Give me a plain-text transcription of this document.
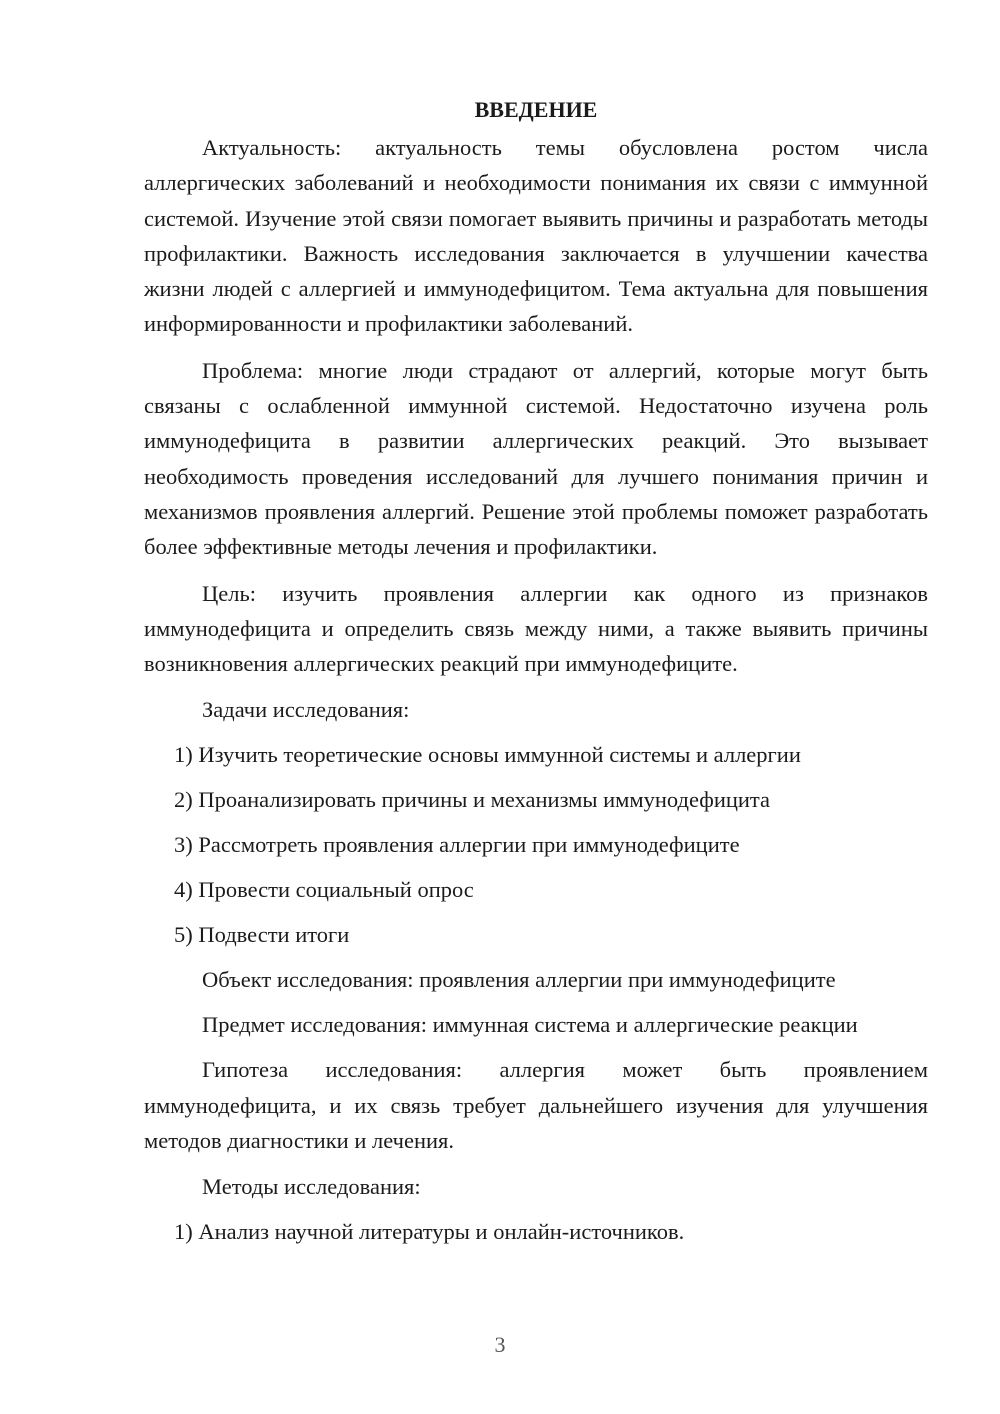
ВВЕДЕНИЕ

Актуальность: актуальность темы обусловлена ростом числа аллергических заболеваний и необходимости понимания их связи с иммунной системой. Изучение этой связи помогает выявить причины и разработать методы профилактики. Важность исследования заключается в улучшении качества жизни людей с аллергией и иммунодефицитом. Тема актуальна для повышения информированности и профилактики заболеваний.

Проблема: многие люди страдают от аллергий, которые могут быть связаны с ослабленной иммунной системой. Недостаточно изучена роль иммунодефицита в развитии аллергических реакций. Это вызывает необходимость проведения исследований для лучшего понимания причин и механизмов проявления аллергий. Решение этой проблемы поможет разработать более эффективные методы лечения и профилактики.

Цель: изучить проявления аллергии как одного из признаков иммунодефицита и определить связь между ними, а также выявить причины возникновения аллергических реакций при иммунодефиците.

Задачи исследования:
1) Изучить теоретические основы иммунной системы и аллергии
2) Проанализировать причины и механизмы иммунодефицита
3) Рассмотреть проявления аллергии при иммунодефиците
4) Провести социальный опрос
5) Подвести итоги
Объект исследования: проявления аллергии при иммунодефиците
Предмет исследования: иммунная система и аллергические реакции

Гипотеза исследования: аллергия может быть проявлением иммунодефицита, и их связь требует дальнейшего изучения для улучшения методов диагностики и лечения.

Методы исследования:
1) Анализ научной литературы и онлайн-источников.
3
